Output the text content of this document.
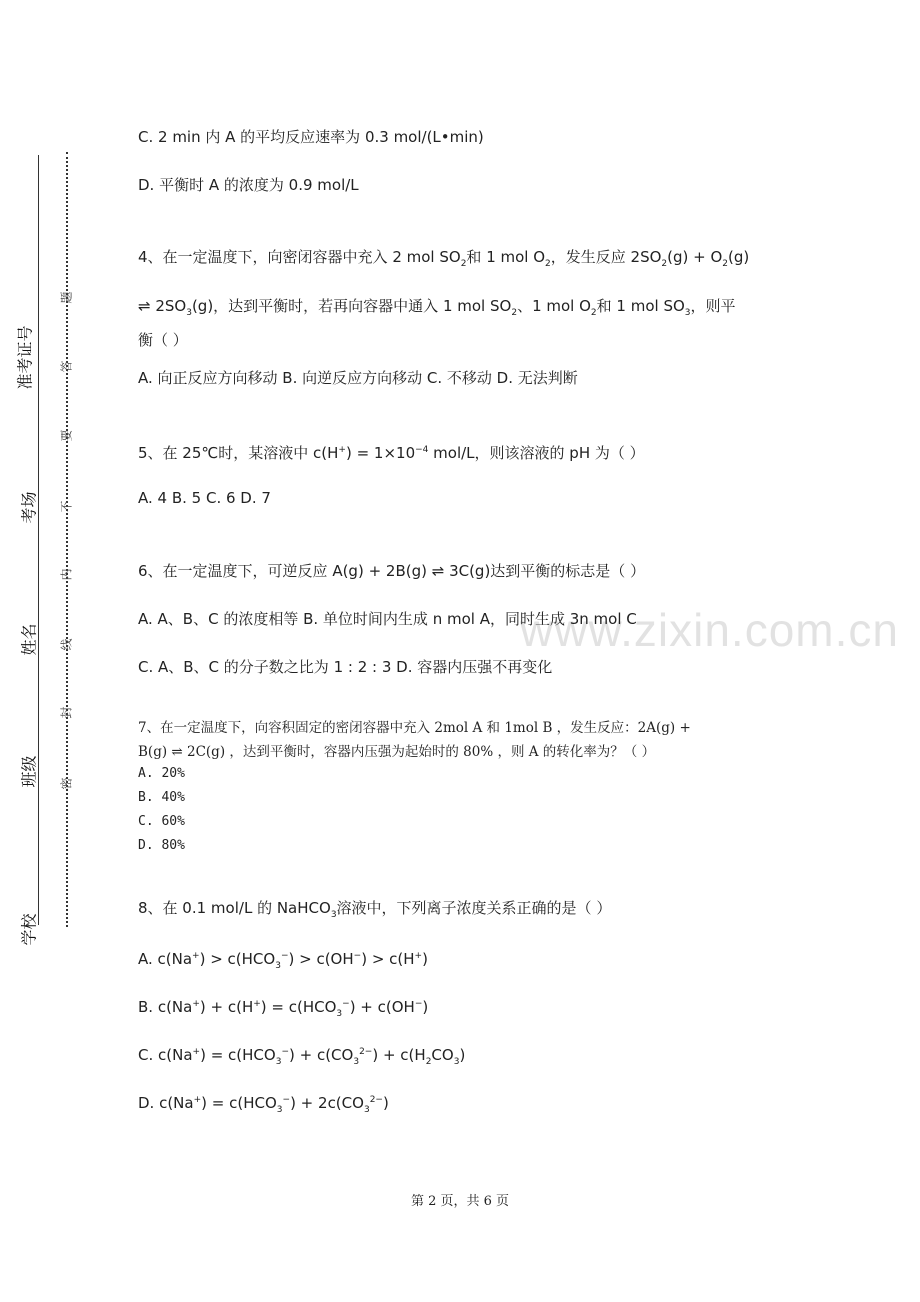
准考证号
考场
姓名
班级
学校
题
答
要
不
内
线
封
密
www.zixin.com.cn
C. 2 min 内 A 的平均反应速率为 0.3 mol/(L•min)
D. 平衡时 A 的浓度为 0.9 mol/L
4、在一定温度下，向密闭容器中充入 2 mol $SO_2$和 1 mol $O_2$，发生反应 $2SO_2(g) + O_2(g)$
⇌ $2SO_3(g)$，达到平衡时，若再向容器中通入 1 mol $SO_2$、1 mol $O_2$和 1 mol $SO_3$，则平
衡（ ）
A. 向正反应方向移动 B. 向逆反应方向移动 C. 不移动 D. 无法判断
5、在 25℃时，某溶液中 $c(H^+) = 1\times 10^{-4}$ mol/L，则该溶液的 pH 为（ ）
A. 4 B. 5 C. 6 D. 7
6、在一定温度下，可逆反应 A(g) + 2B(g) ⇌ 3C(g)达到平衡的标志是（ ）
A. A、B、C 的浓度相等 B. 单位时间内生成 n mol A，同时生成 3n mol C
C. A、B、C 的分子数之比为 1 : 2 : 3 D. 容器内压强不再变化
7、在一定温度下，向容积固定的密闭容器中充入 2mol A 和 1mol B ，发生反应：2A(g) +
B(g) ⇌ 2C(g) ，达到平衡时，容器内压强为起始时的 80% ，则 A 的转化率为？（ ）
A. 20%
B. 40%
C. 60%
D. 80%
8、在 0.1 mol/L 的 NaHCO$_3$溶液中，下列离子浓度关系正确的是（ ）
A. $c(Na^+) > c(HCO_3^-) > c(OH^-) > c(H^+)$
B. $c(Na^+) + c(H^+) = c(HCO_3^-) + c(OH^-)$
C. $c(Na^+) = c(HCO_3^-) + c(CO_3^{2-}) + c(H_2CO_3)$
D. $c(Na^+) = c(HCO_3^-) + 2c(CO_3^{2-})$
第 2 页，共 6 页
